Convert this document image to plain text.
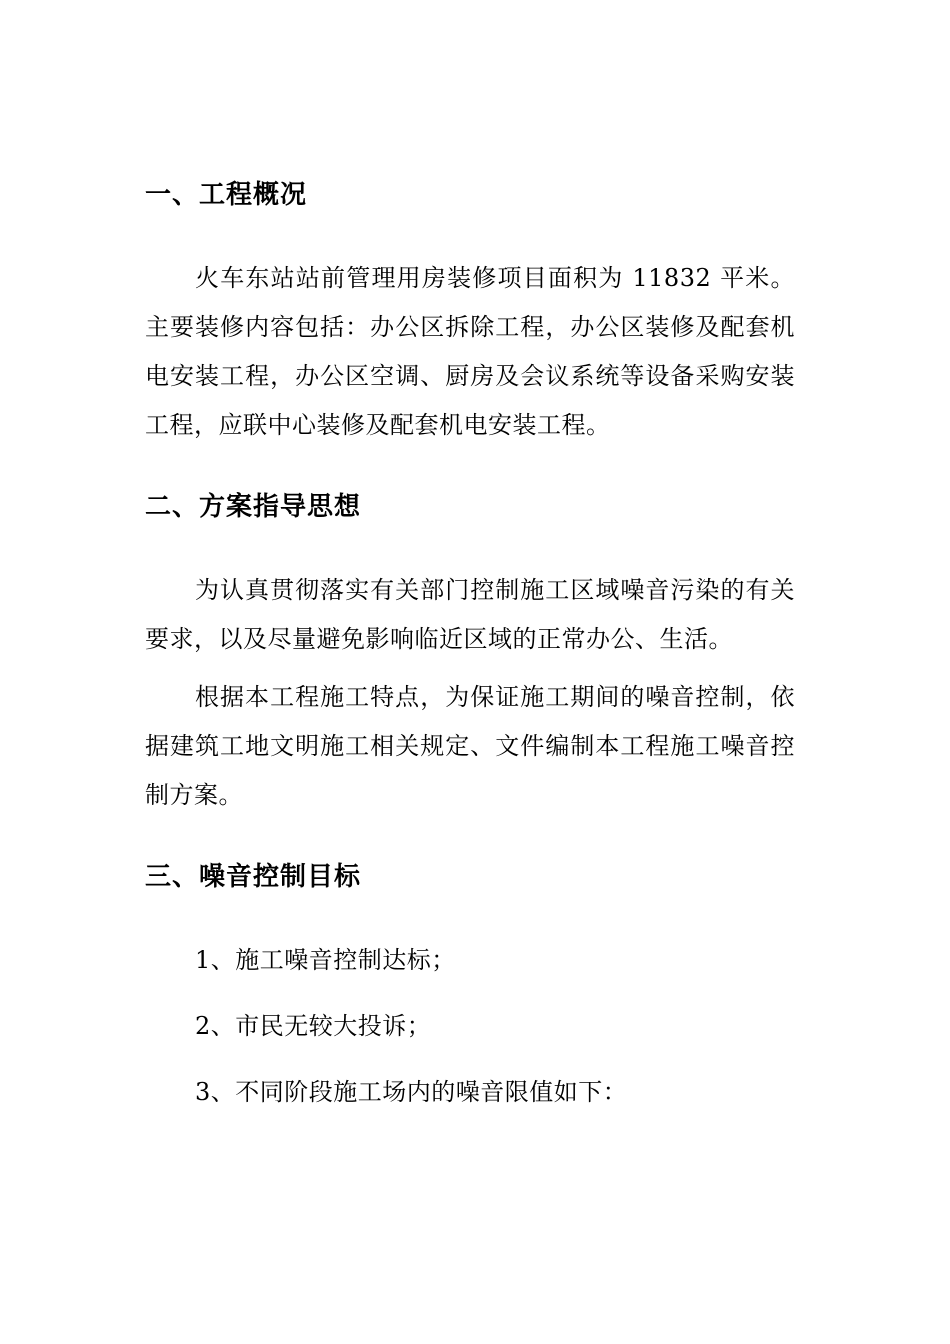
一、工程概况

火车东站站前管理用房装修项目面积为 11832 平米。主要装修内容包括：办公区拆除工程，办公区装修及配套机电安装工程，办公区空调、厨房及会议系统等设备采购安装工程，应联中心装修及配套机电安装工程。

二、方案指导思想

为认真贯彻落实有关部门控制施工区域噪音污染的有关要求，以及尽量避免影响临近区域的正常办公、生活。

根据本工程施工特点，为保证施工期间的噪音控制，依据建筑工地文明施工相关规定、文件编制本工程施工噪音控制方案。

三、噪音控制目标

1、施工噪音控制达标；

2、市民无较大投诉；

3、不同阶段施工场内的噪音限值如下：
